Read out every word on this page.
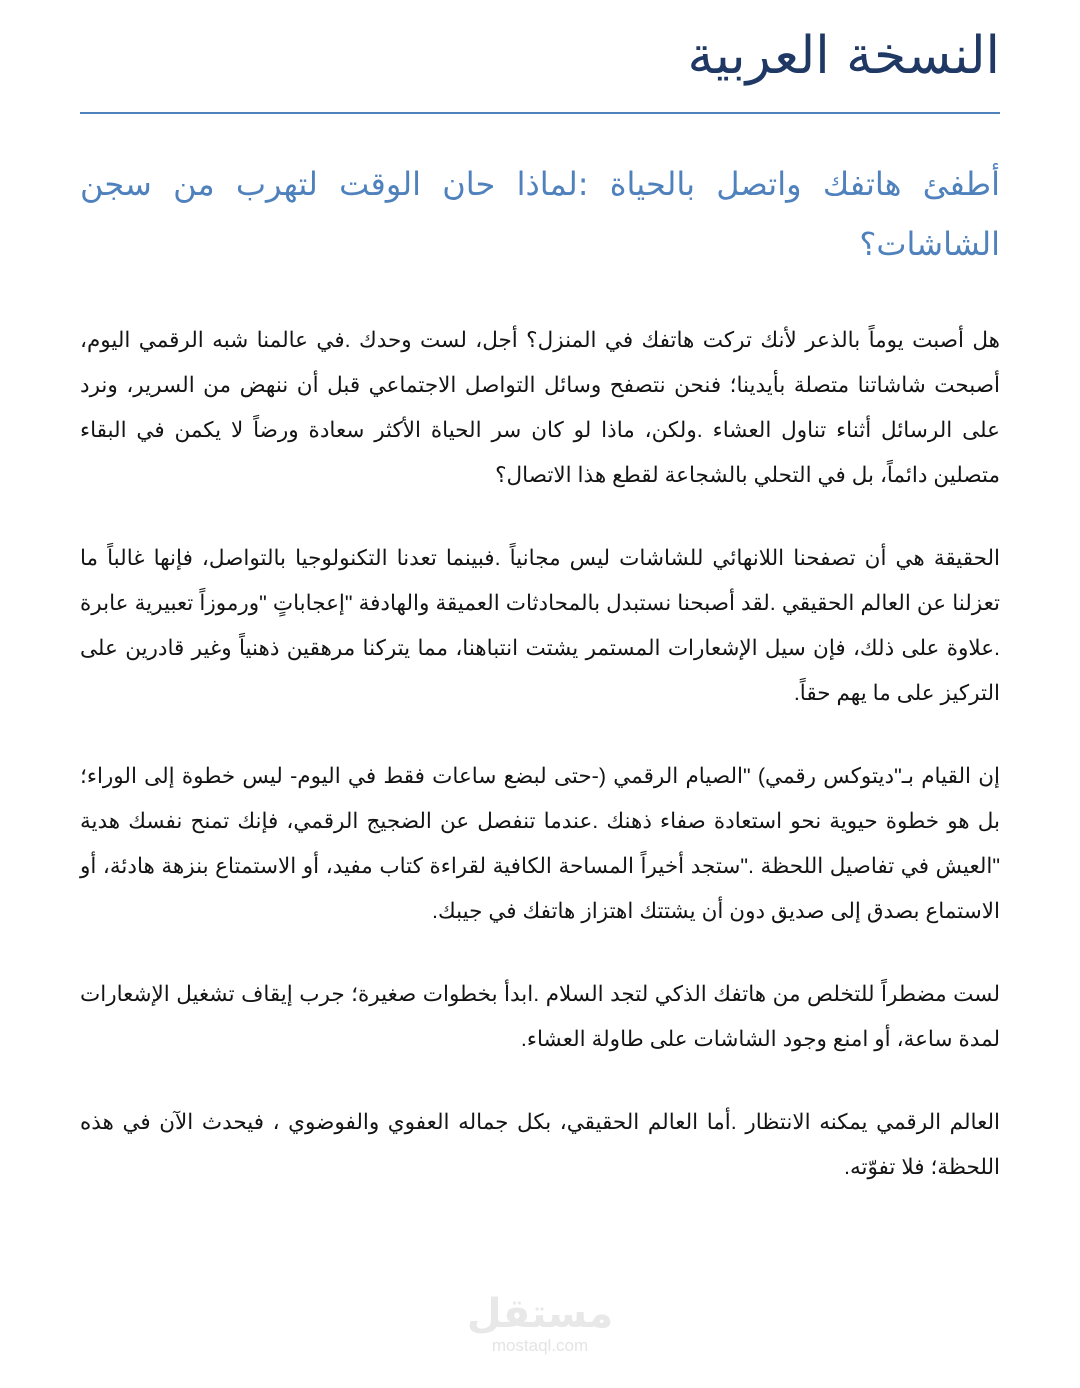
النسخة العربية
أطفئ هاتفك واتصل بالحياة :لماذا حان الوقت لتهرب من سجن الشاشات؟

هل أصبت يوماً بالذعر لأنك تركت هاتفك في المنزل؟ أجل، لست وحدك .في عالمنا شبه الرقمي اليوم، أصبحت شاشاتنا متصلة بأيدينا؛ فنحن نتصفح وسائل التواصل الاجتماعي قبل أن ننهض من السرير، ونرد على الرسائل أثناء تناول العشاء .ولكن، ماذا لو كان سر الحياة الأكثر سعادة ورضاً لا يكمن في البقاء متصلين دائماً، بل في التحلي بالشجاعة لقطع هذا الاتصال؟

الحقيقة هي أن تصفحنا اللانهائي للشاشات ليس مجانياً .فبينما تعدنا التكنولوجيا بالتواصل، فإنها غالباً ما تعزلنا عن العالم الحقيقي .لقد أصبحنا نستبدل بالمحادثات العميقة والهادفة "إعجاباتٍ "ورموزاً تعبيرية عابرة .علاوة على ذلك، فإن سيل الإشعارات المستمر يشتت انتباهنا، مما يتركنا مرهقين ذهنياً وغير قادرين على التركيز على ما يهم حقاً.

إن القيام بـ"ديتوكس رقمي) "الصيام الرقمي (-حتى لبضع ساعات فقط في اليوم- ليس خطوة إلى الوراء؛ بل هو خطوة حيوية نحو استعادة صفاء ذهنك .عندما تنفصل عن الضجيج الرقمي، فإنك تمنح نفسك هدية "العيش في تفاصيل اللحظة ."ستجد أخيراً المساحة الكافية لقراءة كتاب مفيد، أو الاستمتاع بنزهة هادئة، أو الاستماع بصدق إلى صديق دون أن يشتتك اهتزاز هاتفك في جيبك.

لست مضطراً للتخلص من هاتفك الذكي لتجد السلام .ابدأ بخطوات صغيرة؛ جرب إيقاف تشغيل الإشعارات لمدة ساعة، أو امنع وجود الشاشات على طاولة العشاء.

العالم الرقمي يمكنه الانتظار .أما العالم الحقيقي، بكل جماله العفوي والفوضوي ، فيحدث الآن في هذه اللحظة؛ فلا تفوّته.

مستقل
mostaql.com
